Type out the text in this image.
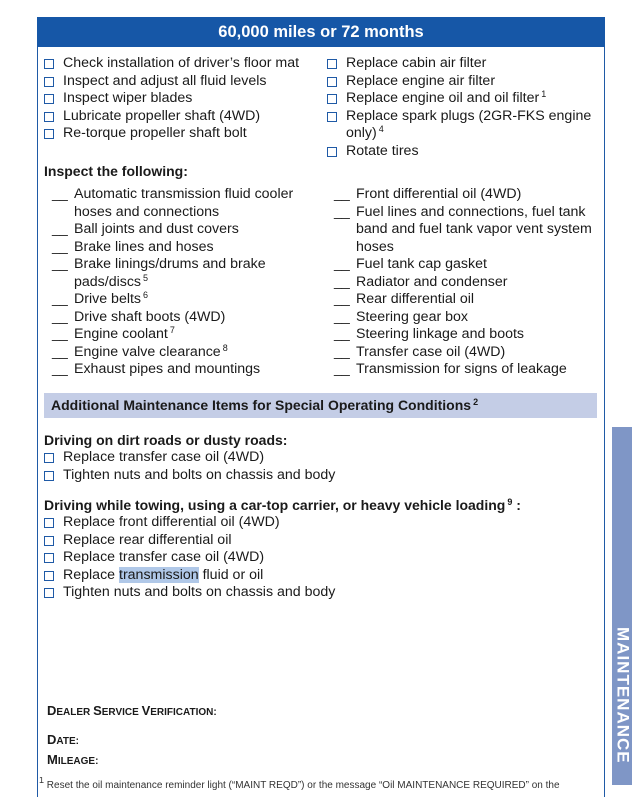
60,000 miles or 72 months
Check installation of driver’s floor mat
Inspect and adjust all fluid levels
Inspect wiper blades
Lubricate propeller shaft (4WD)
Re-torque propeller shaft bolt
Replace cabin air filter
Replace engine air filter
Replace engine oil and oil filter $^1$
Replace spark plugs (2GR-FKS engine
only) $^4$
Rotate tires
Inspect the following:
__
Automatic transmission fluid cooler
hoses and connections
__
Ball joints and dust covers
__
Brake lines and hoses
__
Brake linings/drums and brake
pads/discs $^5$
__
Drive belts $^6$
__
Drive shaft boots (4WD)
__
Engine coolant $^7$
__
Engine valve clearance $^8$
__
Exhaust pipes and mountings
__
Front differential oil (4WD)
__
Fuel lines and connections, fuel tank
band and fuel tank vapor vent system
hoses
__
Fuel tank cap gasket
__
Radiator and condenser
__
Rear differential oil
__
Steering gear box
__
Steering linkage and boots
__
Transfer case oil (4WD)
__
Transmission for signs of leakage
Additional Maintenance Items for Special Operating Conditions $^2$
Driving on dirt roads or dusty roads:
Replace transfer case oil (4WD)
Tighten nuts and bolts on chassis and body
Driving while towing, using a car-top carrier, or heavy vehicle loading $^9$ :
Replace front differential oil (4WD)
Replace rear differential oil
Replace transfer case oil (4WD)
Replace transmission fluid or oil
Tighten nuts and bolts on chassis and body
DEALER SERVICE VERIFICATION:
DATE:
MILEAGE:	MAINTENANCE
$^1$ Reset the oil maintenance reminder light (“MAINT REQD”) or the message “Oil MAINTENANCE REQUIRED” on the
